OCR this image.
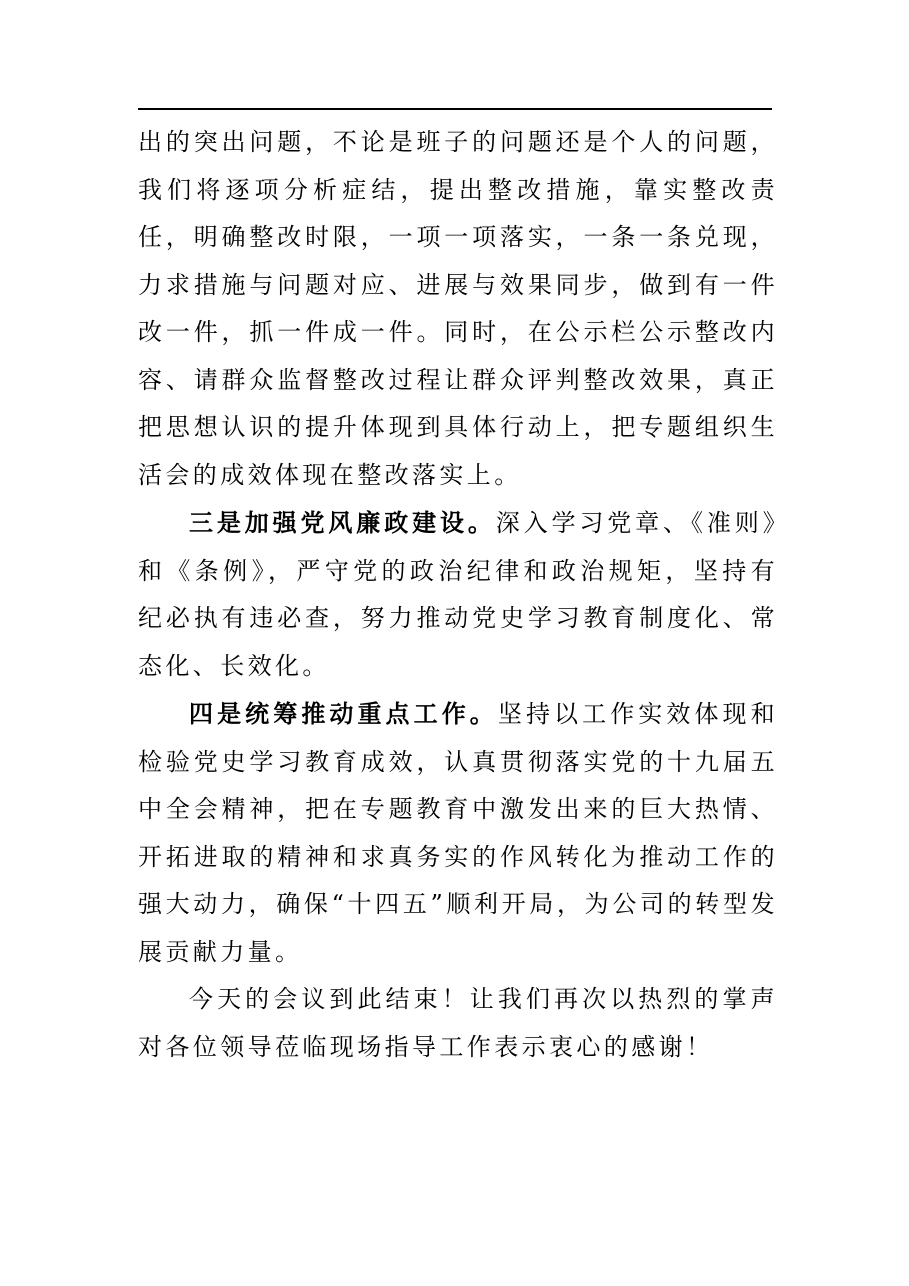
出的突出问题，不论是班子的问题还是个人的问题，我们将逐项分析症结，提出整改措施，靠实整改责任，明确整改时限，一项一项落实，一条一条兑现，力求措施与问题对应、进展与效果同步，做到有一件改一件，抓一件成一件。同时，在公示栏公示整改内容、请群众监督整改过程让群众评判整改效果，真正把思想认识的提升体现到具体行动上，把专题组织生活会的成效体现在整改落实上。

三是加强党风廉政建设。深入学习党章、《准则》和《条例》，严守党的政治纪律和政治规矩，坚持有纪必执有违必查，努力推动党史学习教育制度化、常态化、长效化。

四是统筹推动重点工作。坚持以工作实效体现和检验党史学习教育成效，认真贯彻落实党的十九届五中全会精神，把在专题教育中激发出来的巨大热情、开拓进取的精神和求真务实的作风转化为推动工作的强大动力，确保“十四五”顺利开局，为公司的转型发展贡献力量。

今天的会议到此结束！让我们再次以热烈的掌声对各位领导莅临现场指导工作表示衷心的感谢！
